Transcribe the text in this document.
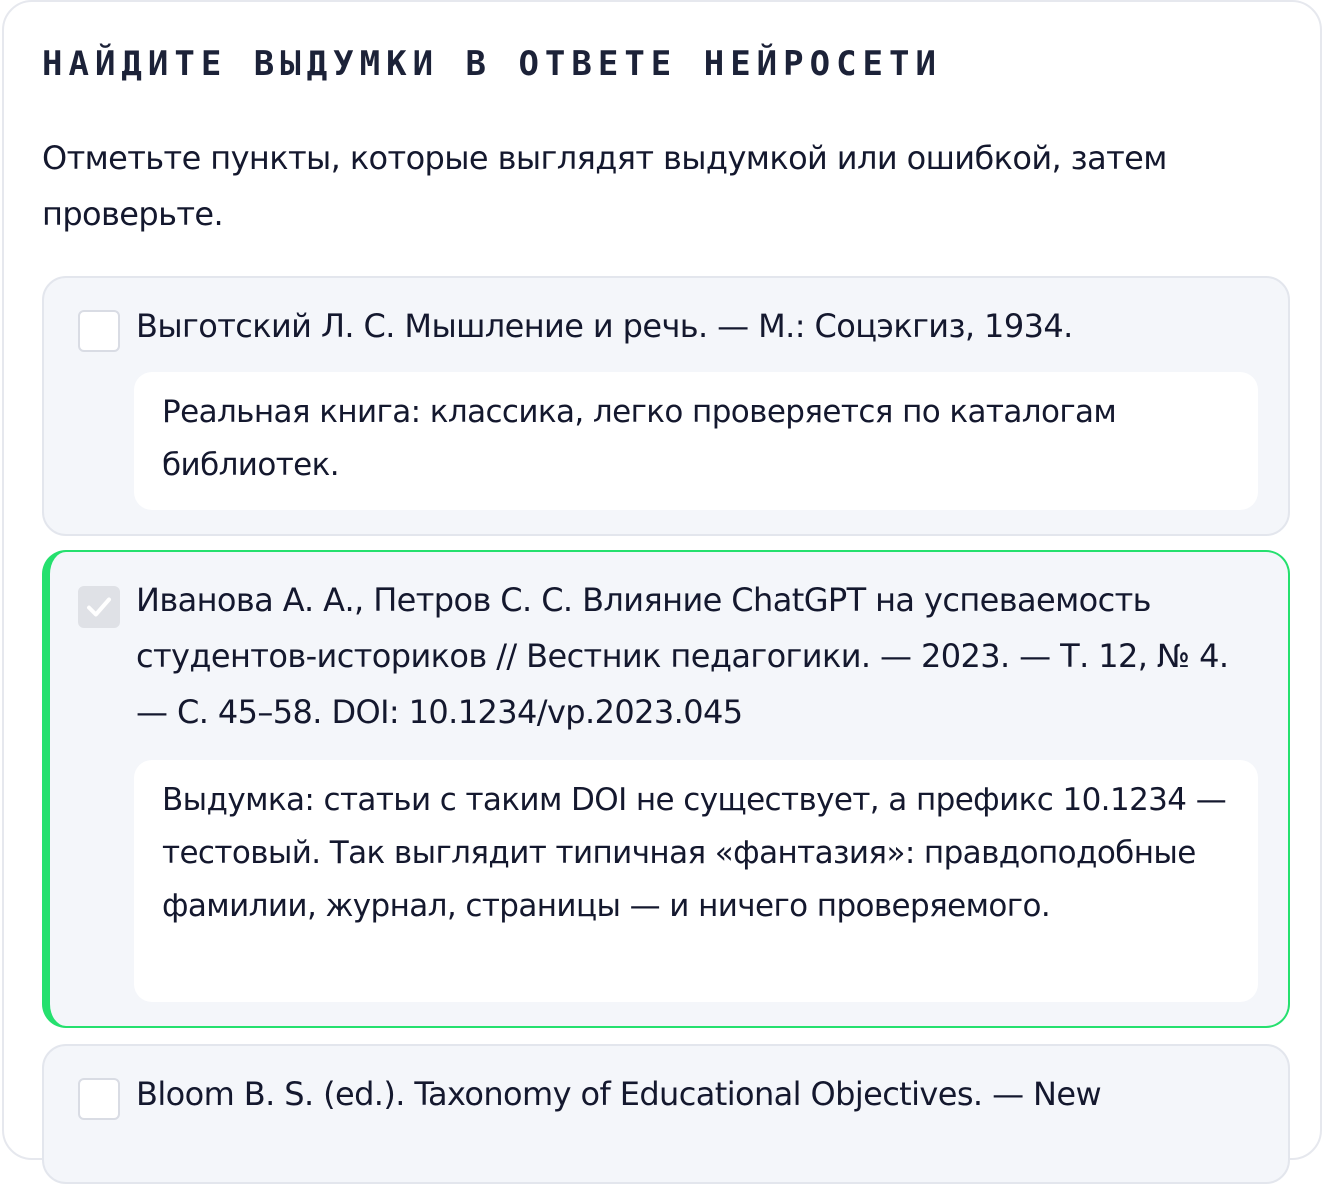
НАЙДИТЕ ВЫДУМКИ В ОТВЕТЕ НЕЙРОСЕТИ
Отметьте пункты, которые выглядят выдумкой или ошибкой, затем проверьте.
Выготский Л. С. Мышление и речь. — М.: Соцэкгиз, 1934.
Реальная книга: классика, легко проверяется по каталогам библиотек.
Иванова А. А., Петров С. С. Влияние ChatGPT на успеваемость студентов-историков // Вестник педагогики. — 2023. — Т. 12, № 4. — С. 45–58. DOI: 10.1234/vp.2023.045
Выдумка: статьи с таким DOI не существует, а префикс 10.1234 — тестовый. Так выглядит типичная «фантазия»: правдоподобные фамилии, журнал, страницы — и ничего проверяемого.
Bloom B. S. (ed.). Taxonomy of Educational Objectives. — New
